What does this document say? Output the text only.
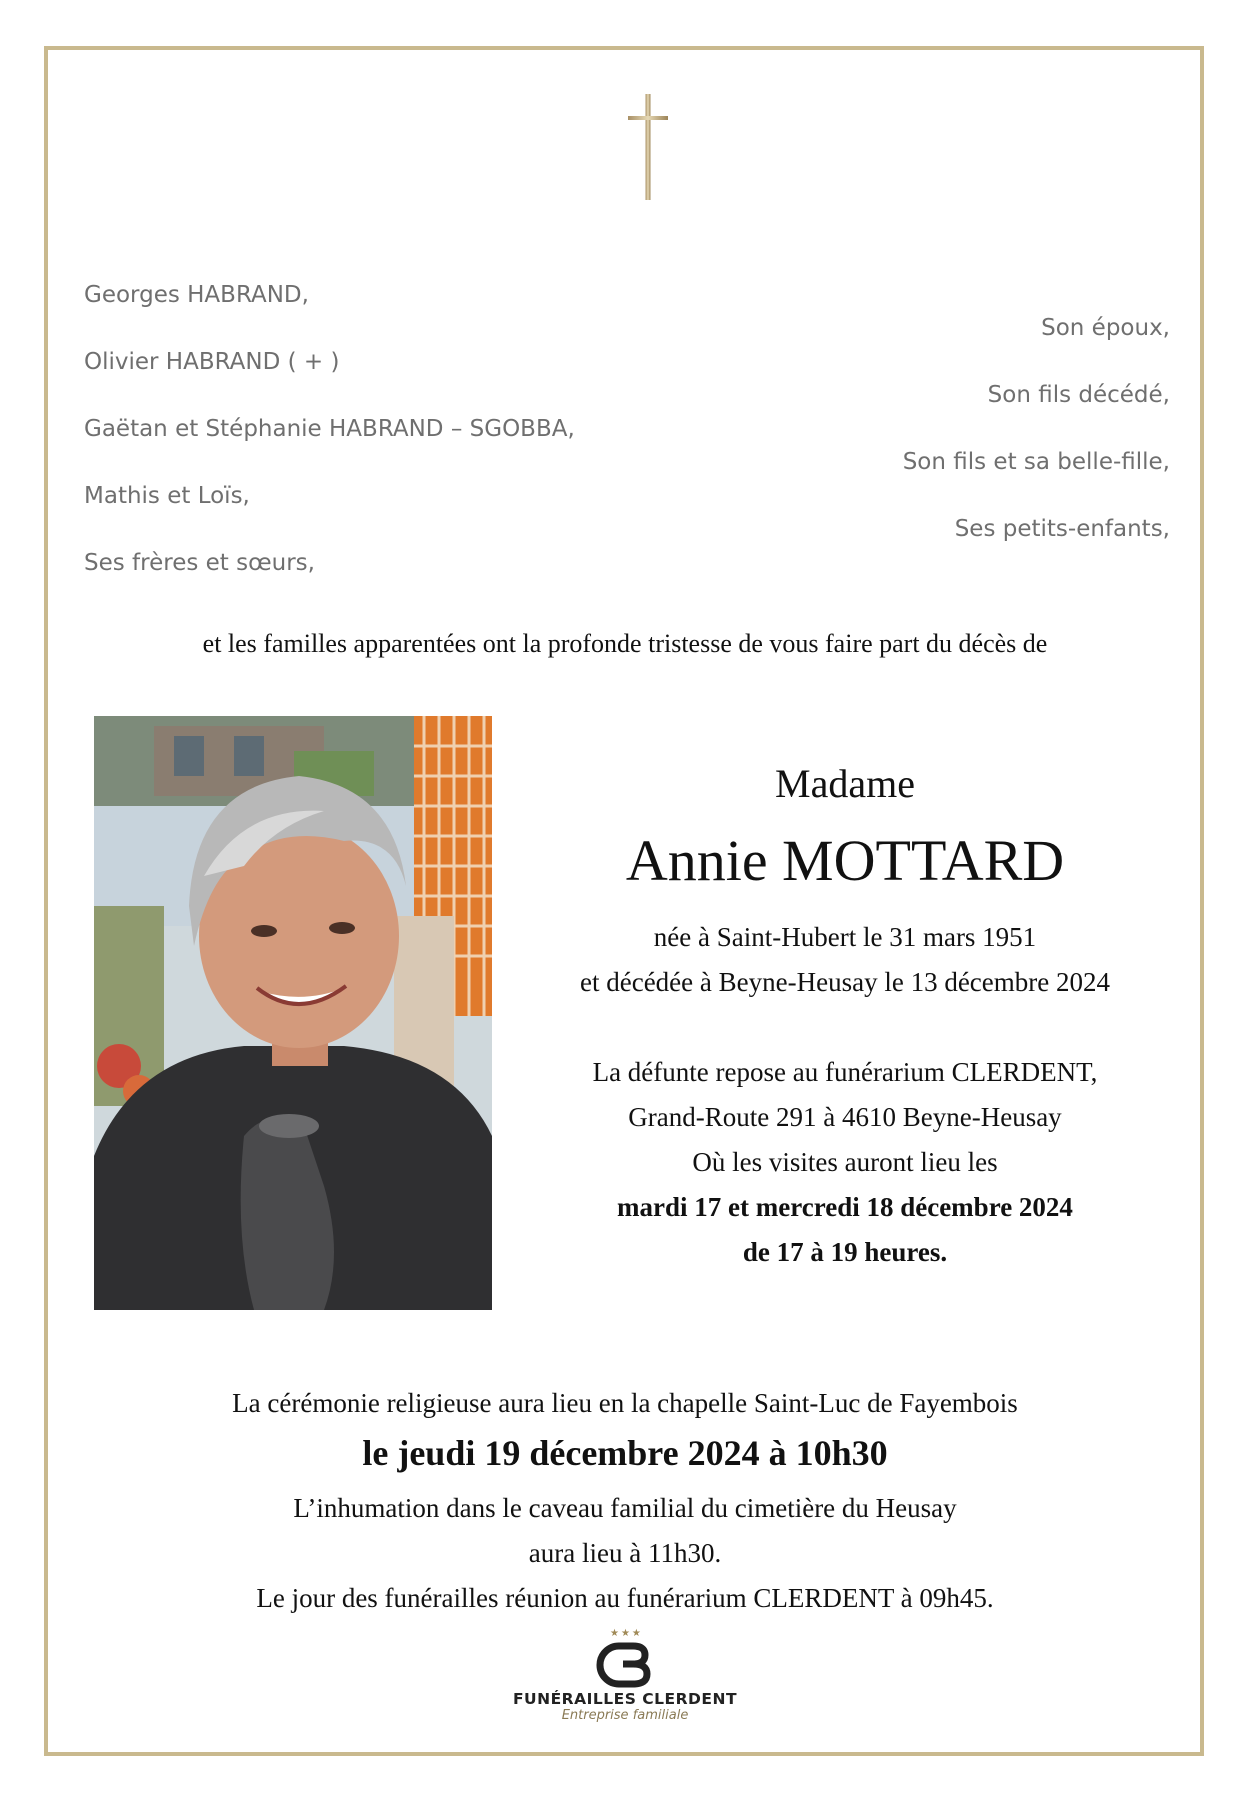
Georges HABRAND,
Olivier HABRAND ( + )
Gaëtan et Stéphanie HABRAND – SGOBBA,
Mathis et Loïs,
Ses frères et sœurs,
Son époux,
Son fils décédé,
Son fils et sa belle-fille,
Ses petits-enfants,
et les familles apparentées ont la profonde tristesse de vous faire part du décès de
Madame
Annie MOTTARD
née à Saint-Hubert le 31 mars 1951
et décédée à Beyne-Heusay le 13 décembre 2024
La défunte repose au funérarium CLERDENT,
Grand-Route 291 à 4610 Beyne-Heusay
Où les visites auront lieu les
mardi 17 et mercredi 18 décembre 2024
de 17 à 19 heures.
La cérémonie religieuse aura lieu en la chapelle Saint-Luc de Fayembois
le jeudi 19 décembre 2024 à 10h30
L’inhumation dans le caveau familial du cimetière du Heusay
aura lieu à 11h30.
Le jour des funérailles réunion au funérarium CLERDENT à 09h45.
★★★
FUNÉRAILLES CLERDENT
Entreprise familiale
